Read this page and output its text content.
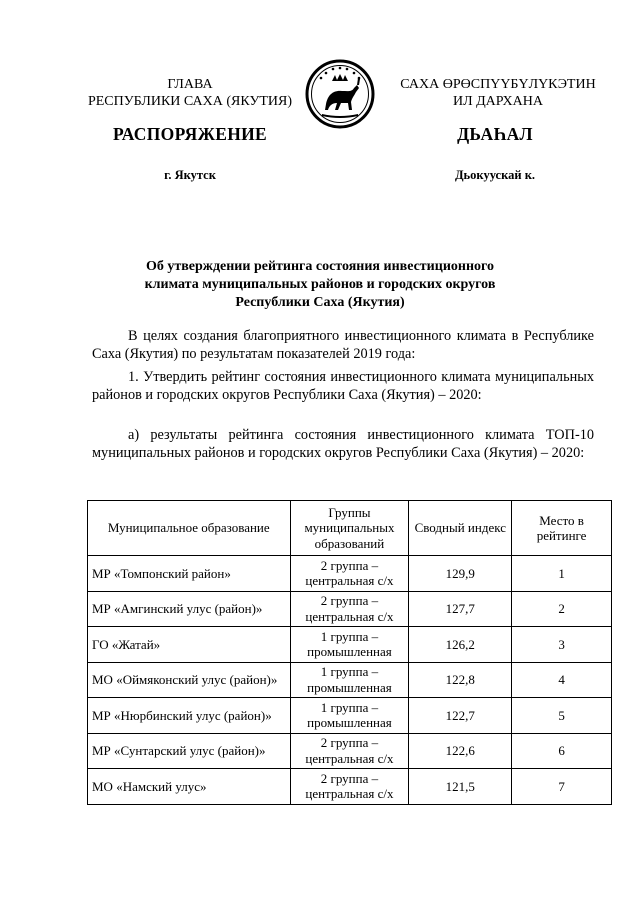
ГЛАВА
РЕСПУБЛИКИ САХА (ЯКУТИЯ)
САХА ӨРӨСПҮҮБҮЛҮКЭТИН
ИЛ ДАРХАНА
РАСПОРЯЖЕНИЕ	ДЬАҺАЛ
г. Якутск	Дьокуускай к.
Об утверждении рейтинга состояния инвестиционного
климата муниципальных районов и городских округов
Республики Саха (Якутия)
В целях создания благоприятного инвестиционного климата в Республике Саха (Якутия) по результатам показателей 2019 года:
1. Утвердить рейтинг состояния инвестиционного климата муниципальных районов и городских округов Республики Саха (Якутия) – 2020:
а) результаты рейтинга состояния инвестиционного климата ТОП-10 муниципальных районов и городских округов Республики Саха (Якутия) – 2020:
Муниципальное образование	Группы муниципальных образований	Сводный индекс	Место в рейтинге
МР «Томпонский район»	2 группа – центральная с/х	129,9	1
МР «Амгинский улус (район)»	2 группа – центральная с/х	127,7	2
ГО «Жатай»	1 группа – промышленная	126,2	3
МО «Оймяконский улус (район)»	1 группа – промышленная	122,8	4
МР «Нюрбинский улус (район)»	1 группа – промышленная	122,7	5
МР «Сунтарский улус (район)»	2 группа – центральная с/х	122,6	6
МО «Намский улус»	2 группа – центральная с/х	121,5	7
